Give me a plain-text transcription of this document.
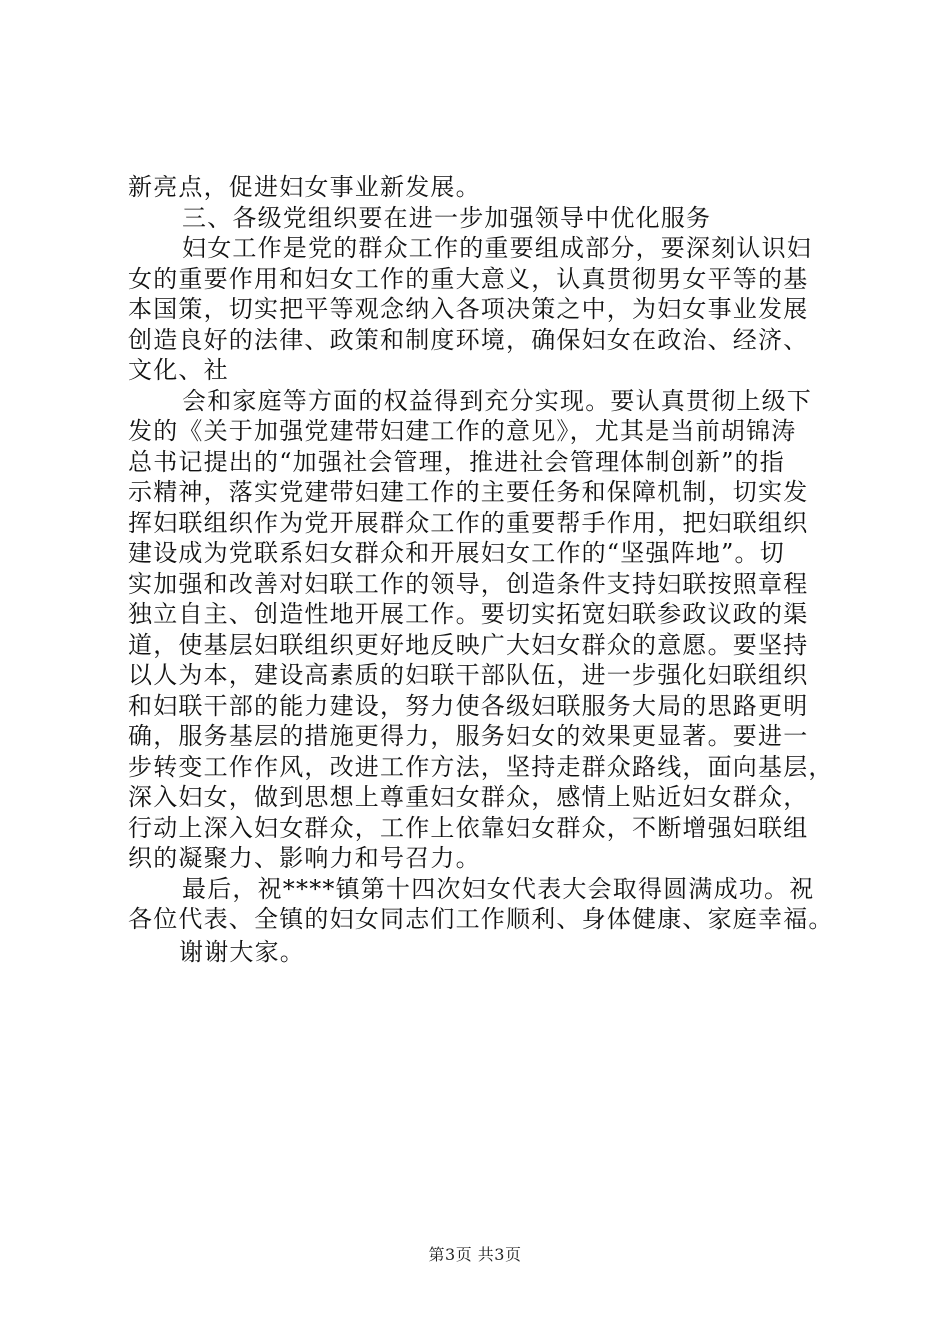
新亮点，促进妇女事业新发展。
三、各级党组织要在进一步加强领导中优化服务
妇女工作是党的群众工作的重要组成部分，要深刻认识妇
女的重要作用和妇女工作的重大意义，认真贯彻男女平等的基
本国策，切实把平等观念纳入各项决策之中，为妇女事业发展
创造良好的法律、政策和制度环境，确保妇女在政治、经济、
文化、社
会和家庭等方面的权益得到充分实现。要认真贯彻上级下
发的《关于加强党建带妇建工作的意见》，尤其是当前胡锦涛
总书记提出的“加强社会管理，推进社会管理体制创新”的指
示精神，落实党建带妇建工作的主要任务和保障机制，切实发
挥妇联组织作为党开展群众工作的重要帮手作用，把妇联组织
建设成为党联系妇女群众和开展妇女工作的“坚强阵地”。切
实加强和改善对妇联工作的领导，创造条件支持妇联按照章程
独立自主、创造性地开展工作。要切实拓宽妇联参政议政的渠
道，使基层妇联组织更好地反映广大妇女群众的意愿。要坚持
以人为本，建设高素质的妇联干部队伍，进一步强化妇联组织
和妇联干部的能力建设，努力使各级妇联服务大局的思路更明
确，服务基层的措施更得力，服务妇女的效果更显著。要进一
步转变工作作风，改进工作方法，坚持走群众路线，面向基层，
深入妇女，做到思想上尊重妇女群众，感情上贴近妇女群众，
行动上深入妇女群众，工作上依靠妇女群众，不断增强妇联组
织的凝聚力、影响力和号召力。
最后，祝****镇第十四次妇女代表大会取得圆满成功。祝
各位代表、全镇的妇女同志们工作顺利、身体健康、家庭幸福。
谢谢大家。
第3页 共3页
